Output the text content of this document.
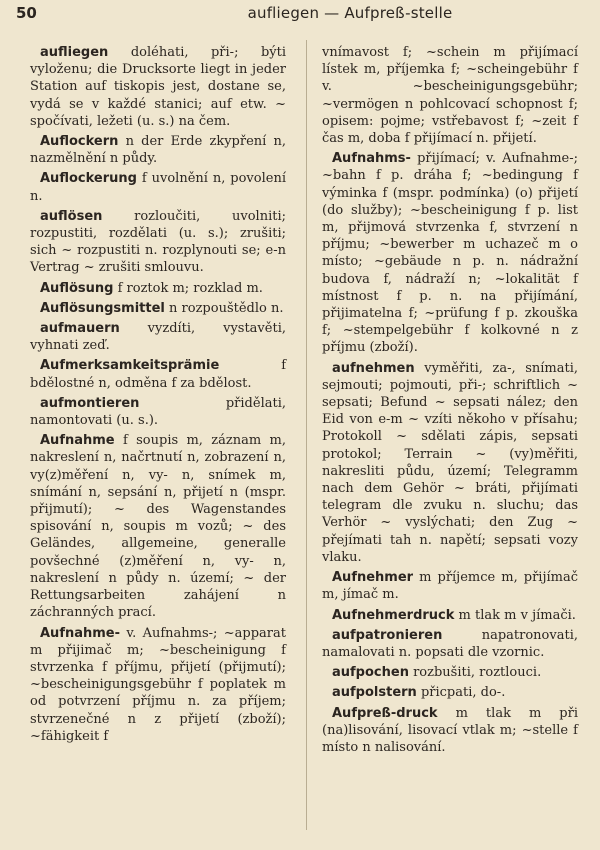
50	aufliegen — Aufpreß-stelle

aufliegen doléhati, při-; býti vyloženu; die Drucksorte liegt in jeder Station auf tiskopis jest, dostane se, vydá se v každé stanici; auf etw. ~ spočívati, ležeti (u. s.) na čem.

Auflockern n der Erde zkypření n, nazmělnění n půdy.

Auflockerung f uvolnění n, povolení n.

auflösen rozloučiti, uvolniti; rozpustiti, rozdělati (u. s.); zrušiti; sich ~ rozpustiti n. rozplynouti se; e-n Vertrag ~ zrušiti smlouvu.

Auflösung f roztok m; rozklad m.

Auflösungsmittel n rozpouštědlo n.

aufmauern vyzdíti, vystavěti, vyhnati zeď.

Aufmerksamkeitsprämie	f bdělostné n, odměna f za bdělost.

aufmontieren	přidělati, namontovati (u. s.).

Aufnahme f soupis m, záznam m, nakreslení n, načrtnutí n, zobrazení n, vy(z)měření n, vy- n, snímek m, snímání n, sepsání n, přijetí n (mspr. přijmutí); ~ des Wagenstandes spisování n, soupis m vozů; ~ des Geländes, allgemeine, generalle povšechné (z)měření n, vy- n, nakreslení n půdy n. území; ~ der Rettungsarbeiten zahájení n záchranných prací.

Aufnahme- v. Aufnahms-; ~apparat m přijimač m; ~bescheinigung f stvrzenka f příjmu, přijetí (přijmutí); ~bescheinigungsgebühr f poplatek m od potvrzení příjmu n. za příjem; stvrzenečné n z přijetí (zboží); ~fähigkeit f

vnímavost f; ~schein m přijímací lístek m, příjemka f; ~scheingebühr f v. ~bescheinigungsgebühr; ~vermögen n pohlcovací schopnost f; opisem: pojme; vstřebavost f; ~zeit f čas m, doba f přijímací n. přijetí.

Aufnahms- přijímací; v. Aufnahme-; ~bahn f p. dráha f; ~bedingung f výminka f (mspr. podmínka) (o) přijetí (do služby); ~bescheinigung f p. list m, přijmová stvrzenka f, stvrzení n příjmu; ~bewerber m uchazeč m o místo; ~gebäude n p. n. nádražní budova f, nádraží n; ~lokalität f místnost f p. n. na přijímání, přijimatelna f; ~prüfung f p. zkouška f; ~stempelgebühr f kolkovné n z příjmu (zboží).

aufnehmen vyměřiti, za-, snímati, sejmouti; pojmouti, při-; schriftlich ~ sepsati; Befund ~ sepsati nález; den Eid von e-m ~ vzíti někoho v přísahu; Protokoll ~ sdělati zápis, sepsati protokol; Terrain ~ (vy)měřiti, nakresliti půdu, území; Telegramm nach dem Gehör ~ bráti, přijímati telegram dle zvuku n. sluchu; das Verhör ~ vyslýchati; den Zug ~ přejímati tah n. napětí; sepsati vozy vlaku.

Aufnehmer m příjemce m, přijímač m, jímač m.

Aufnehmerdruck m tlak m v jímači.

aufpatronieren	napatronovati, namalovati n. popsati dle vzornic.

aufpochen rozbušiti, roztlouci.

aufpolstern přicpati, do-.

Aufpreß-druck m tlak m při (na)lisování, lisovací vtlak m; ~stelle f místo n nalisování.
